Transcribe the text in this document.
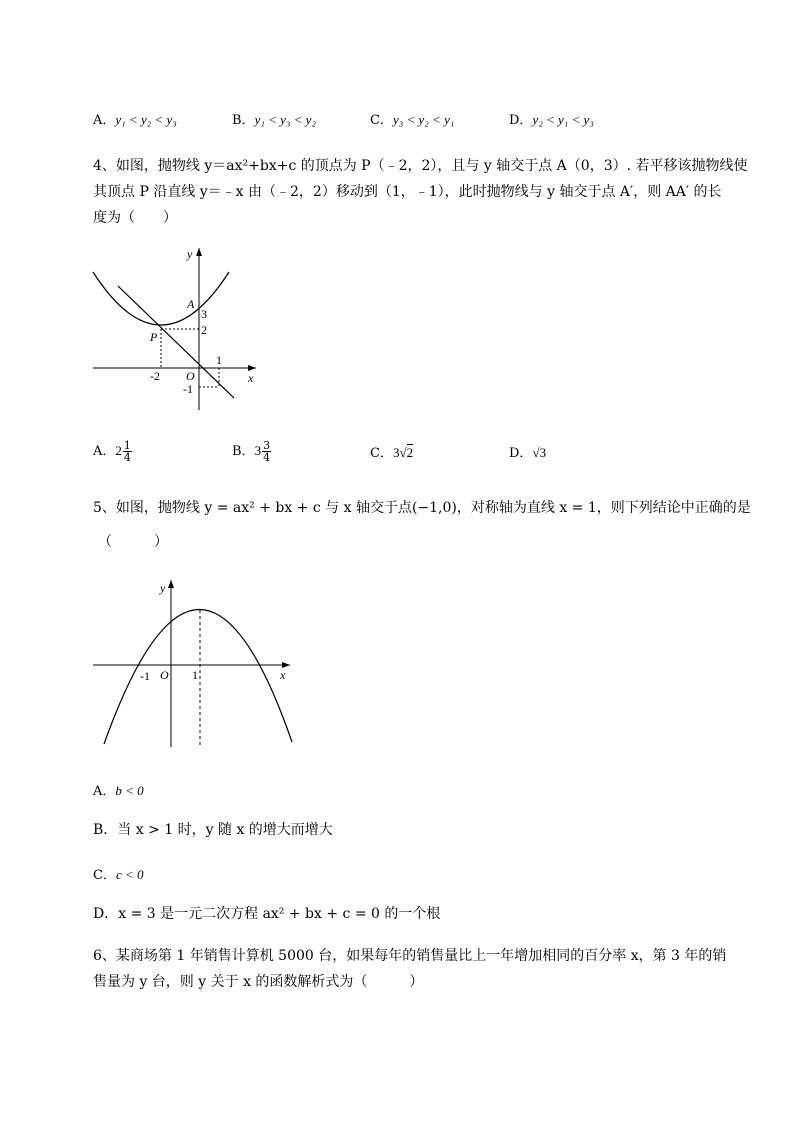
A．y₁ < y₂ < y₃	B．y₁ < y₃ < y₂	C．y₃ < y₂ < y₁	D．y₂ < y₁ < y₃
4、如图，抛物线 y＝ax²+bx+c 的顶点为 P（﹣2，2），且与 y 轴交于点 A（0，3）. 若平移该抛物线使
其顶点 P 沿直线 y＝﹣x 由（﹣2，2）移动到（1，﹣1），此时抛物线与 y 轴交于点 A′，则 AA′ 的长
度为（　　）
y
x
A
3
2
P
-2 O
1
-1
A．$2 \frac{1}{4}$	B．$3 \frac{3}{4}$	C．3√2	D．√3
5、如图，抛物线 y = ax² + bx + c 与 x 轴交于点(−1,0)，对称轴为直线 x = 1，则下列结论中正确的是
（　　　）
y
x
O
-1	1
A．b < 0
B．当 x > 1 时，y 随 x 的增大而增大
C．c < 0
D．x = 3 是一元二次方程 ax² + bx + c = 0 的一个根
6、某商场第 1 年销售计算机 5000 台，如果每年的销售量比上一年增加相同的百分率 x，第 3 年的销
售量为 y 台，则 y 关于 x 的函数解析式为（　　　）
